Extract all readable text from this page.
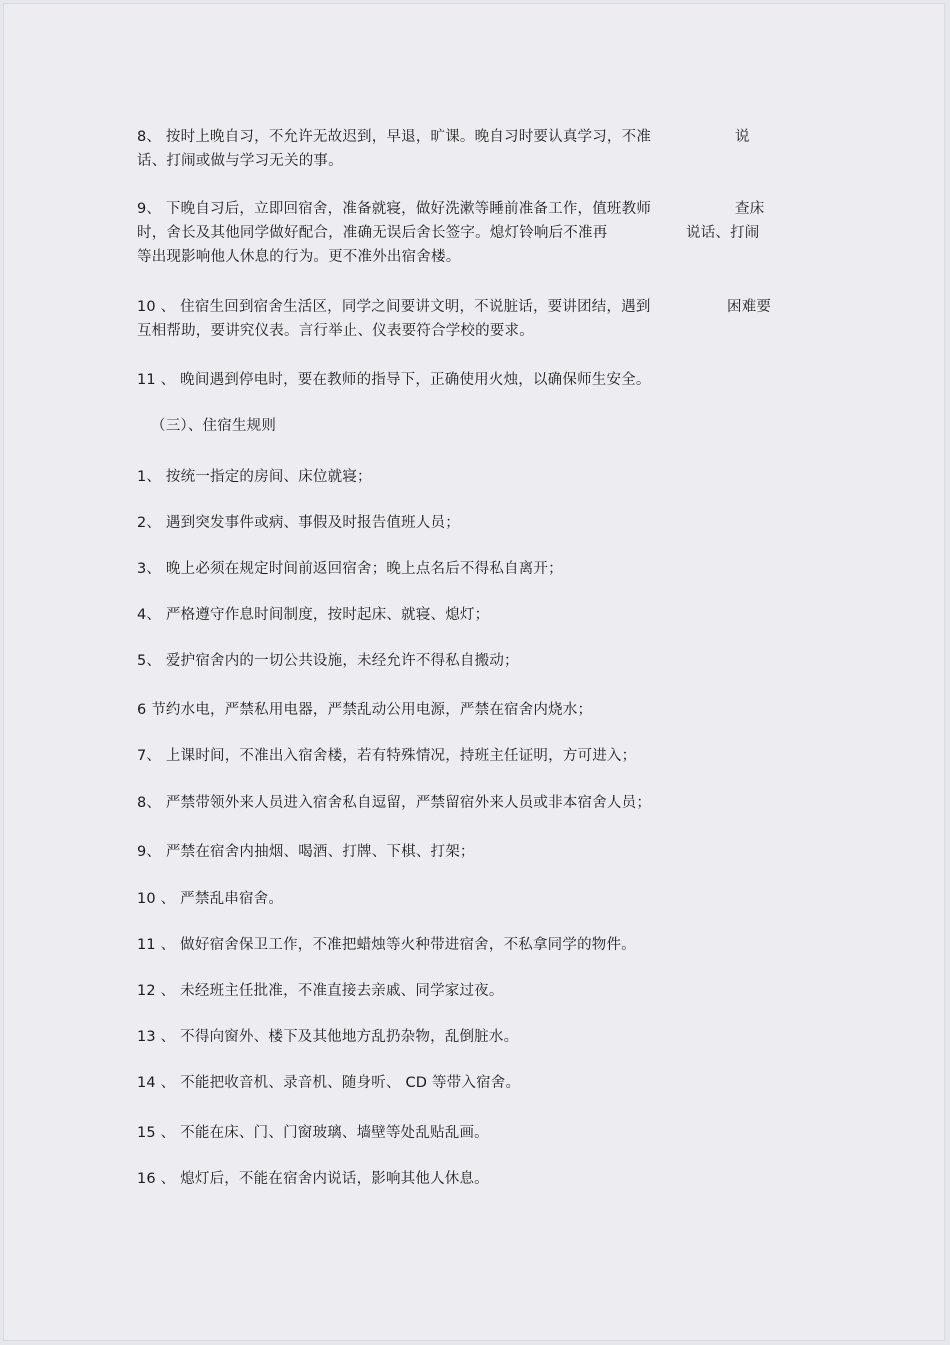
8、 按时上晚自习，不允许无故迟到，早退，旷课。晚自习时要认真学习，不准	说
话、打闹或做与学习无关的事。
9、 下晚自习后，立即回宿舍，准备就寝，做好洗漱等睡前准备工作，值班教师	查床
时，舍长及其他同学做好配合，准确无误后舍长签字。熄灯铃响后不准再	说话、打闹
等出现影响他人休息的行为。更不准外出宿舍楼。
10 、 住宿生回到宿舍生活区，同学之间要讲文明，不说脏话，要讲团结，遇到	困难要
互相帮助，要讲究仪表。言行举止、仪表要符合学校的要求。
11 、 晚间遇到停电时，要在教师的指导下，正确使用火烛，以确保师生安全。
（三）、住宿生规则
1、 按统一指定的房间、床位就寝；
2、 遇到突发事件或病、事假及时报告值班人员；
3、 晚上必须在规定时间前返回宿舍；晚上点名后不得私自离开；
4、 严格遵守作息时间制度，按时起床、就寝、熄灯；
5、 爱护宿舍内的一切公共设施，未经允许不得私自搬动；
6 节约水电，严禁私用电器，严禁乱动公用电源，严禁在宿舍内烧水；
7、 上课时间，不准出入宿舍楼，若有特殊情况，持班主任证明，方可进入；
8、 严禁带领外来人员进入宿舍私自逗留，严禁留宿外来人员或非本宿舍人员；
9、 严禁在宿舍内抽烟、喝酒、打牌、下棋、打架；
10 、 严禁乱串宿舍。
11 、 做好宿舍保卫工作，不准把蜡烛等火种带进宿舍，不私拿同学的物件。
12 、 未经班主任批准，不准直接去亲戚、同学家过夜。
13 、 不得向窗外、楼下及其他地方乱扔杂物，乱倒脏水。
14 、 不能把收音机、录音机、随身听、 CD 等带入宿舍。
15 、 不能在床、门、门窗玻璃、墙壁等处乱贴乱画。
16 、 熄灯后，不能在宿舍内说话，影响其他人休息。
